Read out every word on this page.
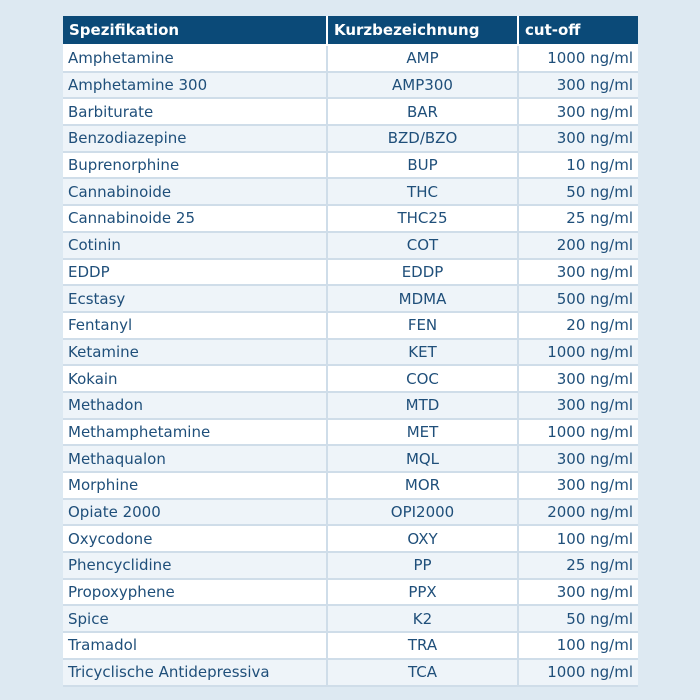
Spezifikation	Kurzbezeichnung	cut-off
Amphetamine	AMP	1000 ng/ml
Amphetamine 300	AMP300	300 ng/ml
Barbiturate	BAR	300 ng/ml
Benzodiazepine	BZD/BZO	300 ng/ml
Buprenorphine	BUP	10 ng/ml
Cannabinoide	THC	50 ng/ml
Cannabinoide 25	THC25	25 ng/ml
Cotinin	COT	200 ng/ml
EDDP	EDDP	300 ng/ml
Ecstasy	MDMA	500 ng/ml
Fentanyl	FEN	20 ng/ml
Ketamine	KET	1000 ng/ml
Kokain	COC	300 ng/ml
Methadon	MTD	300 ng/ml
Methamphetamine	MET	1000 ng/ml
Methaqualon	MQL	300 ng/ml
Morphine	MOR	300 ng/ml
Opiate 2000	OPI2000	2000 ng/ml
Oxycodone	OXY	100 ng/ml
Phencyclidine	PP	25 ng/ml
Propoxyphene	PPX	300 ng/ml
Spice	K2	50 ng/ml
Tramadol	TRA	100 ng/ml
Tricyclische Antidepressiva	TCA	1000 ng/ml
